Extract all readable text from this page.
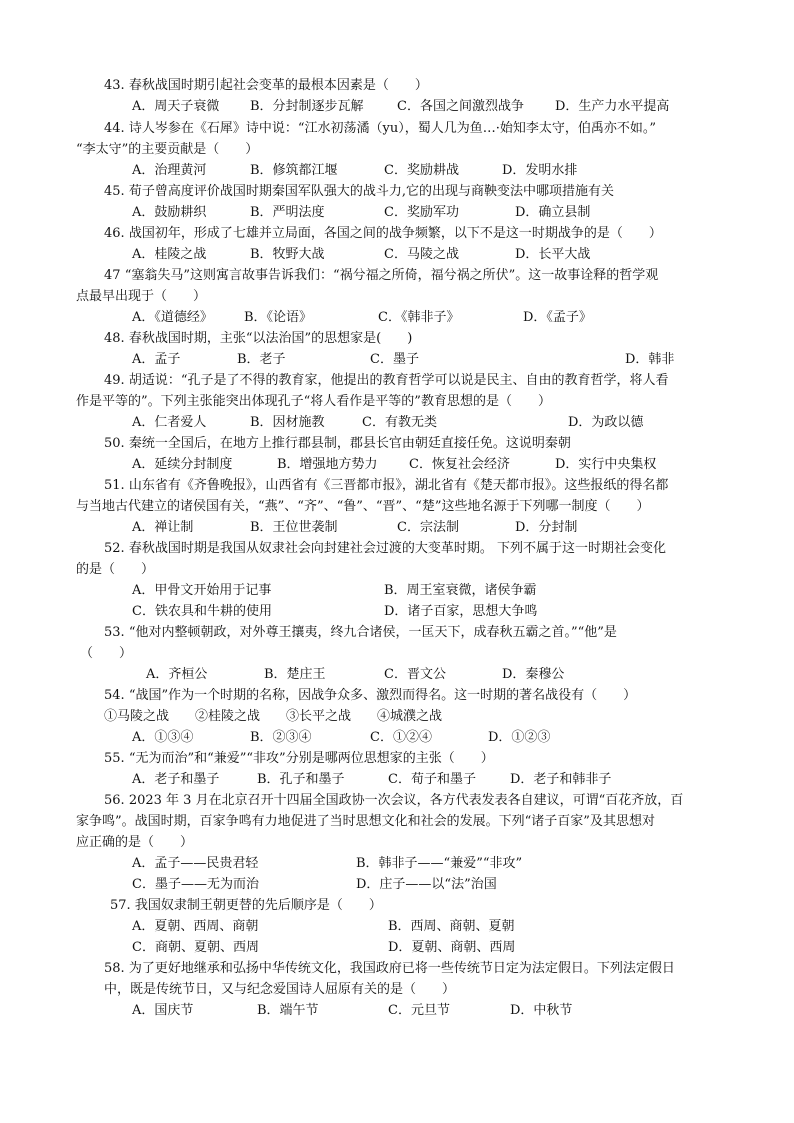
43. 春秋战国时期引起社会变革的最根本因素是（　　）
A．周天子衰微 B．分封制逐步瓦解	C．各国之间激烈战争 D．生产力水平提高
44. 诗人岑参在《石犀》诗中说：“江水初荡潏（yu），蜀人几为鱼…·始知李太守，伯禹亦不如。”
“李太守”的主要贡献是（　　）
A．治理黄河	B．修筑都江堰	C．奖励耕战	D．发明水排
45. 荀子曾高度评价战国时期秦国军队强大的战斗力,它的出现与商鞅变法中哪项措施有关
A．鼓励耕织	B．严明法度	C．奖励军功	D．确立县制
46. 战国初年，形成了七雄并立局面，各国之间的战争频繁，以下不是这一时期战争的是（　　）
A．桂陵之战	B．牧野大战	C．马陵之战	D．长平大战
47 “塞翁失马”这则寓言故事告诉我们：“祸兮福之所倚，福兮祸之所伏”。这一故事诠释的哲学观
点最早出现于（　　）
A．《道德经》 B．《论语》	C．《韩非子》	D．《孟子》
48. 春秋战国时期，主张“以法治国”的思想家是(　　)
A．孟子	B．老子	C．墨子	D．韩非
49. 胡适说：“孔子是了不得的教育家，他提出的教育哲学可以说是民主、自由的教育哲学，将人看
作是平等的”。下列主张能突出体现孔子“将人看作是平等的”教育思想的是（　　）
A．仁者爱人	B．因材施教	C．有教无类	D．为政以德
50. 秦统一全国后，在地方上推行郡县制，郡县长官由朝廷直接任免。这说明秦朝
A．延续分封制度	B．增强地方势力 C．恢复社会经济	D．实行中央集权
51. 山东省有《齐鲁晚报》，山西省有《三晋都市报》，湖北省有《楚天都市报》。这些报纸的得名都
与当地古代建立的诸侯国有关，“燕”、“齐”、“鲁”、“晋”、“楚”这些地名源于下列哪一制度（　　）
A．禅让制	B．王位世袭制	C．宗法制	D．分封制
52. 春秋战国时期是我国从奴隶社会向封建社会过渡的大变革时期。 下列不属于这一时期社会变化
的是（　　）
A．甲骨文开始用于记事	B．周王室衰微，诸侯争霸
C．铁农具和牛耕的使用	D．诸子百家，思想大争鸣
53. “他对内整顿朝政，对外尊王攘夷，终九合诸侯，一匡天下，成春秋五霸之首。”“他”是
（　　）
A．齐桓公	B．楚庄王	C．晋文公	D．秦穆公
54. “战国”作为一个时期的名称，因战争众多、激烈而得名。这一时期的著名战役有（　　）
①马陵之战　　②桂陵之战　　③长平之战　　④城濮之战
A．①③④	B．②③④	C．①②④	D．①②③
55. “无为而治”和“兼爱”“非攻”分别是哪两位思想家的主张（　　）
A．老子和墨子	B．孔子和墨子	C．荀子和墨子	D．老子和韩非子
56. 2023 年 3 月在北京召开十四届全国政协一次会议，各方代表发表各自建议，可谓“百花齐放，百
家争鸣”。战国时期，百家争鸣有力地促进了当时思想文化和社会的发展。下列“诸子百家”及其思想对
应正确的是（　　）
A．孟子——民贵君轻	B．韩非子——“兼爱”“非攻”
C．墨子——无为而治	D．庄子——以“法”治国
57. 我国奴隶制王朝更替的先后顺序是（　　）
A．夏朝、西周、商朝	B．西周、商朝、夏朝
C．商朝、夏朝、西周	D．夏朝、商朝、西周
58. 为了更好地继承和弘扬中华传统文化，我国政府已将一些传统节日定为法定假日。下列法定假日
中，既是传统节日，又与纪念爱国诗人屈原有关的是（　　）
A．国庆节	B．端午节	C．元旦节	D．中秋节
